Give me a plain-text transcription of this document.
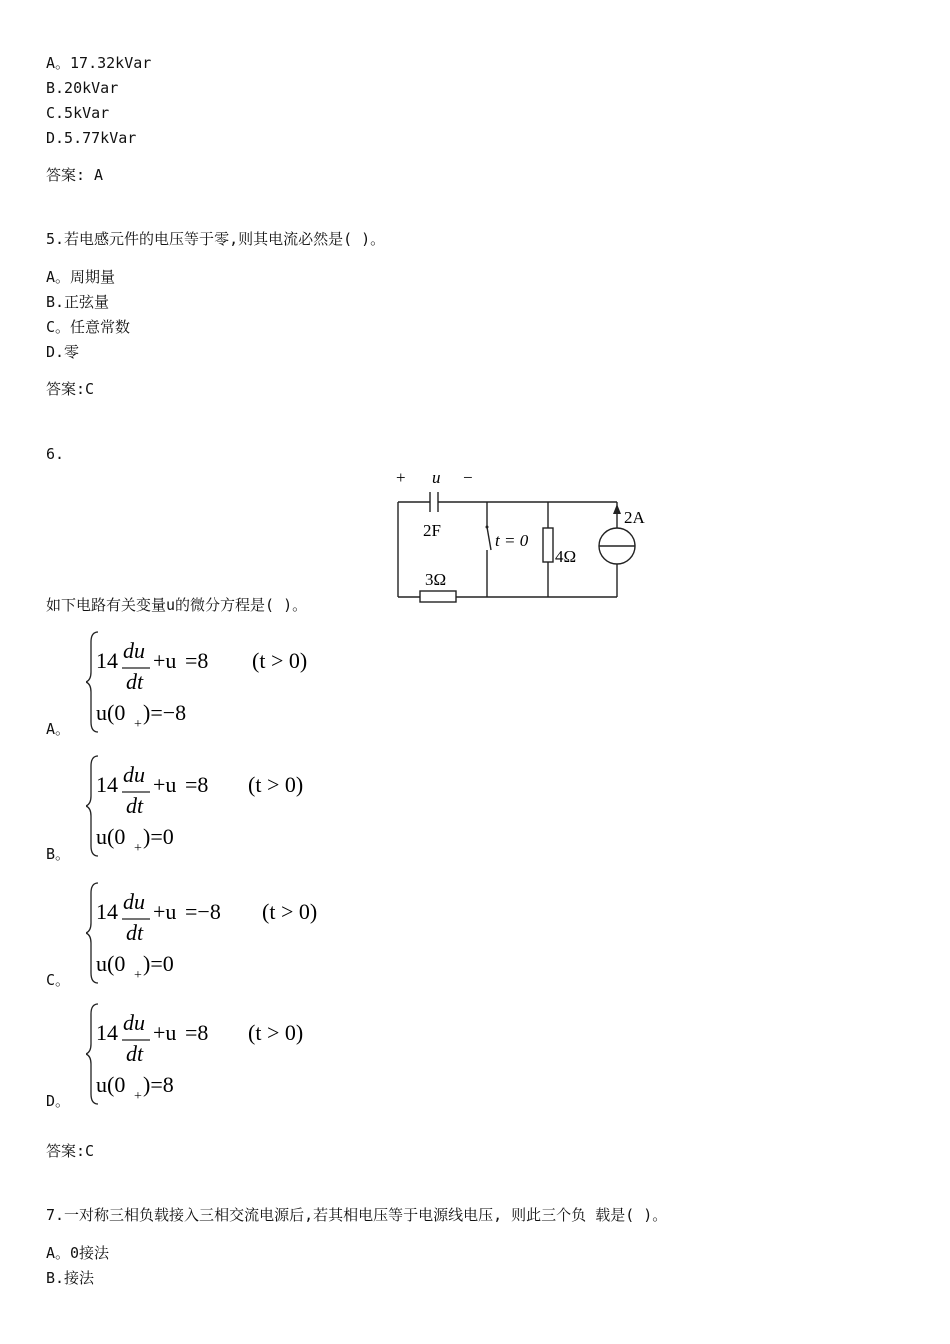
A。17.32kVar
B.20kVar
C.5kVar
D.5.77kVar
答案: A
5.若电感元件的电压等于零,则其电流必然是( )。
A。周期量
B.正弦量
C。任意常数
D.零
答案:C
6.
+ u −
2F
t = 0
4Ω
2A
3Ω
如下电路有关变量u的微分方程是( )。
A。
14 du
dt
+u =8 (t > 0)
u(0 + )=−8
B。
14 du
dt
+u =8 (t > 0)
u(0 + )=0
C。
14 du
dt
+u =−8 (t > 0)
u(0 + )=0
D。
14 du
dt
+u =8 (t > 0)
u(0 + )=8
答案:C
7.一对称三相负载接入三相交流电源后,若其相电压等于电源线电压, 则此三个负 载是( )。
A。0接法
B.接法
